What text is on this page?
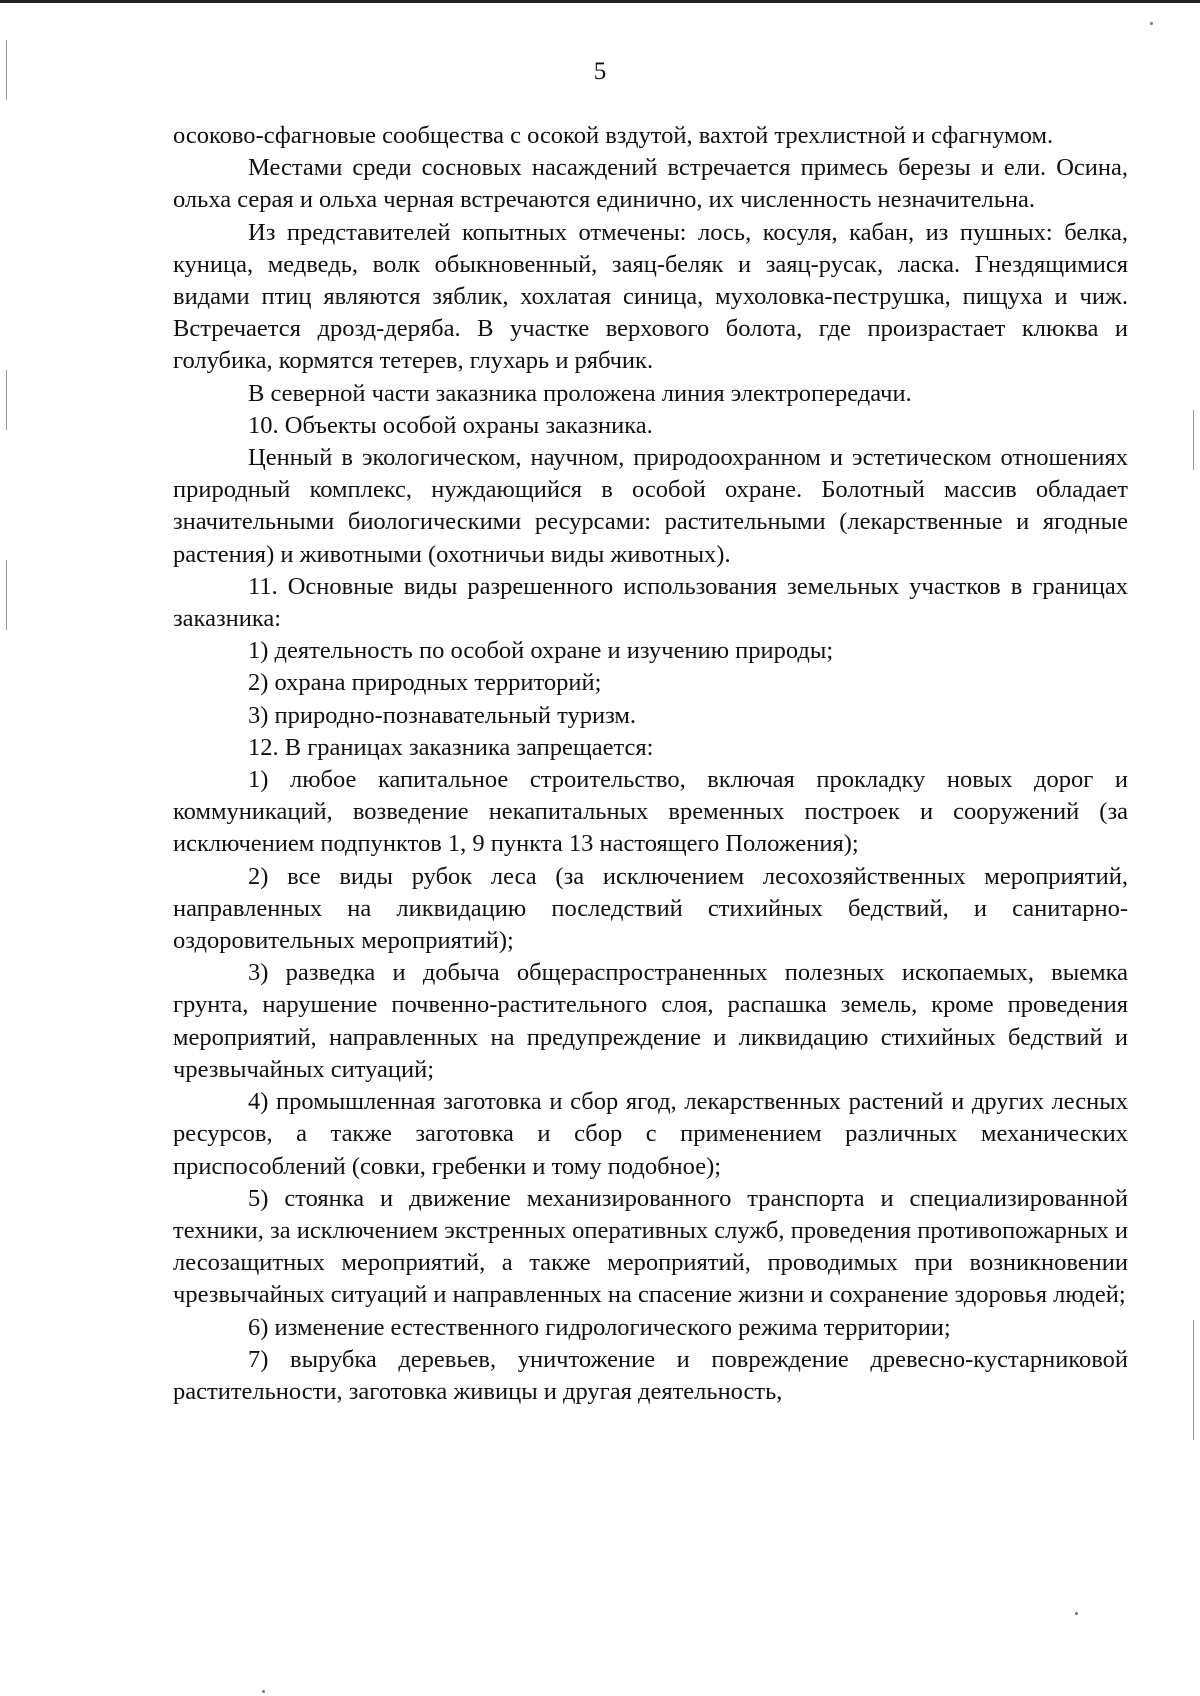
5

осоково-сфагновые сообщества с осокой вздутой, вахтой трехлистной и сфагнумом.

Местами среди сосновых насаждений встречается примесь березы и ели. Осина, ольха серая и ольха черная встречаются единично, их численность незначительна.

Из представителей копытных отмечены: лось, косуля, кабан, из пушных: белка, куница, медведь, волк обыкновенный, заяц-беляк и заяц-русак, ласка. Гнездящимися видами птиц являются зяблик, хохлатая синица, мухоловка-пеструшка, пищуха и чиж. Встречается дрозд-деряба. В участке верхового болота, где произрастает клюква и голубика, кормятся тетерев, глухарь и рябчик.

В северной части заказника проложена линия электропередачи.

10. Объекты особой охраны заказника.

Ценный в экологическом, научном, природоохранном и эстетическом отношениях природный комплекс, нуждающийся в особой охране. Болотный массив обладает значительными биологическими ресурсами: растительными (лекарственные и ягодные растения) и животными (охотничьи виды животных).

11. Основные виды разрешенного использования земельных участков в границах заказника:

1) деятельность по особой охране и изучению природы;

2) охрана природных территорий;

3) природно-познавательный туризм.

12. В границах заказника запрещается:

1) любое капитальное строительство, включая прокладку новых дорог и коммуникаций, возведение некапитальных временных построек и сооружений (за исключением подпунктов 1, 9 пункта 13 настоящего Положения);

2) все виды рубок леса (за исключением лесохозяйственных мероприятий, направленных на ликвидацию последствий стихийных бедствий, и санитарно-оздоровительных мероприятий);

3) разведка и добыча общераспространенных полезных ископаемых, выемка грунта, нарушение почвенно-растительного слоя, распашка земель, кроме проведения мероприятий, направленных на предупреждение и ликвидацию стихийных бедствий и чрезвычайных ситуаций;

4) промышленная заготовка и сбор ягод, лекарственных растений и других лесных ресурсов, а также заготовка и сбор с применением различных механических приспособлений (совки, гребенки и тому подобное);

5) стоянка и движение механизированного транспорта и специализированной техники, за исключением экстренных оперативных служб, проведения противопожарных и лесозащитных мероприятий, а также мероприятий, проводимых при возникновении чрезвычайных ситуаций и направленных на спасение жизни и сохранение здоровья людей;

6) изменение естественного гидрологического режима территории;

7) вырубка деревьев, уничтожение и повреждение древесно-кустарниковой растительности, заготовка живицы и другая деятельность,
